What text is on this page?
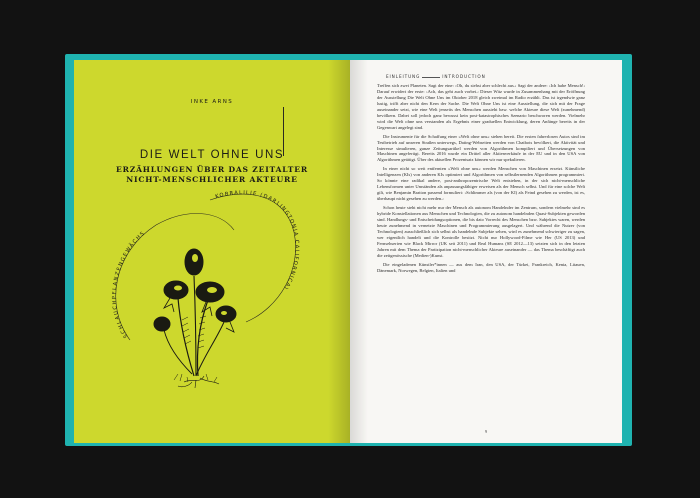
INKE ARNS
DIE WELT OHNE UNS
ERZÄHLUNGEN ÜBER DAS ZEITALTER
NICHT-MENSCHLICHER AKTEURE
SCHLAUCHPFLANZENGEWÄCHS
KOBRALILIE (DARLINGTONIA CALIFORNICA)
EINLEITUNG	INTRODUCTION

Treffen sich zwei Planeten. Sagt der eine: ›Oh, du siehst aber schlecht aus.‹ Sagt der andere: ›Ich habe Mensch!‹ Darauf erwidert der erste: ›Ach, das geht auch vorbei.‹ Dieser Witz wurde in Zusammenhang mit der Eröffnung der Ausstellung Die Welt Ohne Uns im Oktober 2018 gleich zweimal im Radio erzählt. Das ist irgendwie ganz lustig, trifft aber nicht den Kern der Sache. Die Welt Ohne Uns ist eine Ausstellung, die sich mit der Frage auseinander setzt, wie eine Welt jenseits des Menschen aussieht bzw. welche Akteure diese Welt (zunehmend) bevölkern. Dabei soll jedoch ganz bewusst kein post-katastrophisches Szenario beschworen werden. Vielmehr wird die Welt ohne uns verstanden als Ergebnis einer graduellen Entwicklung, deren Anfänge bereits in der Gegenwart angelegt sind.

Die Instrumente für die Schaffung einer »Welt ohne uns« stehen bereit. Die ersten fahrerlosen Autos sind im Testbetrieb auf unseren Straßen unterwegs, Dating-Webseiten werden von Chatbots bevölkert, die Aktivität und Interesse simulieren, ganze Zeitungsartikel werden von Algorithmen kompiliert und Übersetzungen von Maschinen angefertigt. Bereits 2016 wurde ein Drittel aller Aktienverkäufe in der EU und in den USA von Algorithmen getätigt. Über des aktuellen Prozentsatz können wir nur spekulieren.

In einer nicht so weit entfernten »Welt ohne uns« werden Menschen von Maschinen ersetzt. Künstliche Intelligenzen (KIs) von anderen KIs optimiert und Algorithmen von selbstlernenden Algorithmen programmiert. So könnte eine radikal andere, post-anthropozentrische Welt entstehen, in der sich nicht-menschliche Lebensformen unter Umständen als anpassungsfähiger erweisen als der Mensch selbst. Und für eine solche Welt gilt, wie Benjamin Bratton passend formuliert: ›Schlimmer als (von der KI) als Feind gesehen zu werden, ist es, überhaupt nicht gesehen zu werden.‹

Schon heute steht nicht mehr nur der Mensch als autonom Handelnder im Zentrum, sondern vielmehr sind es hybride Konstellationen aus Menschen und Technologien, die zu autonom handelnden Quasi-Subjekten geworden sind. Handlungs- und Entscheidungsoptionen, die bis dato Vorrecht des Menschen bzw. Subjektes waren, werden heute zunehmend in vernetzte Maschinen und Programmierung ausgelagert. Und während die Nutzer (von Technologien) ausschließlich sich selbst als handelnde Subjekte sehen, wird es zunehmend schwieriger zu sagen, wer eigentlich handelt und die Kontrolle besitzt. Nicht nur Hollywood-Filme wie Her (US 2013) und Fernsehserien wie Black Mirror (UK seit 2011) und Real Humans (SE 2012—13) setzten sich in den letzten Jahren mit dem Thema der Partizipation nicht-menschlicher Akteure auseinander — das Thema beschäftigt auch die zeitgenössische (Medien-)Kunst.

Die eingeladenen Künstler*innen — aus dem Iran, den USA, der Türkei, Frankreich, Kenia, Litauen, Dänemark, Norwegen, Belgien, Italien und

9
